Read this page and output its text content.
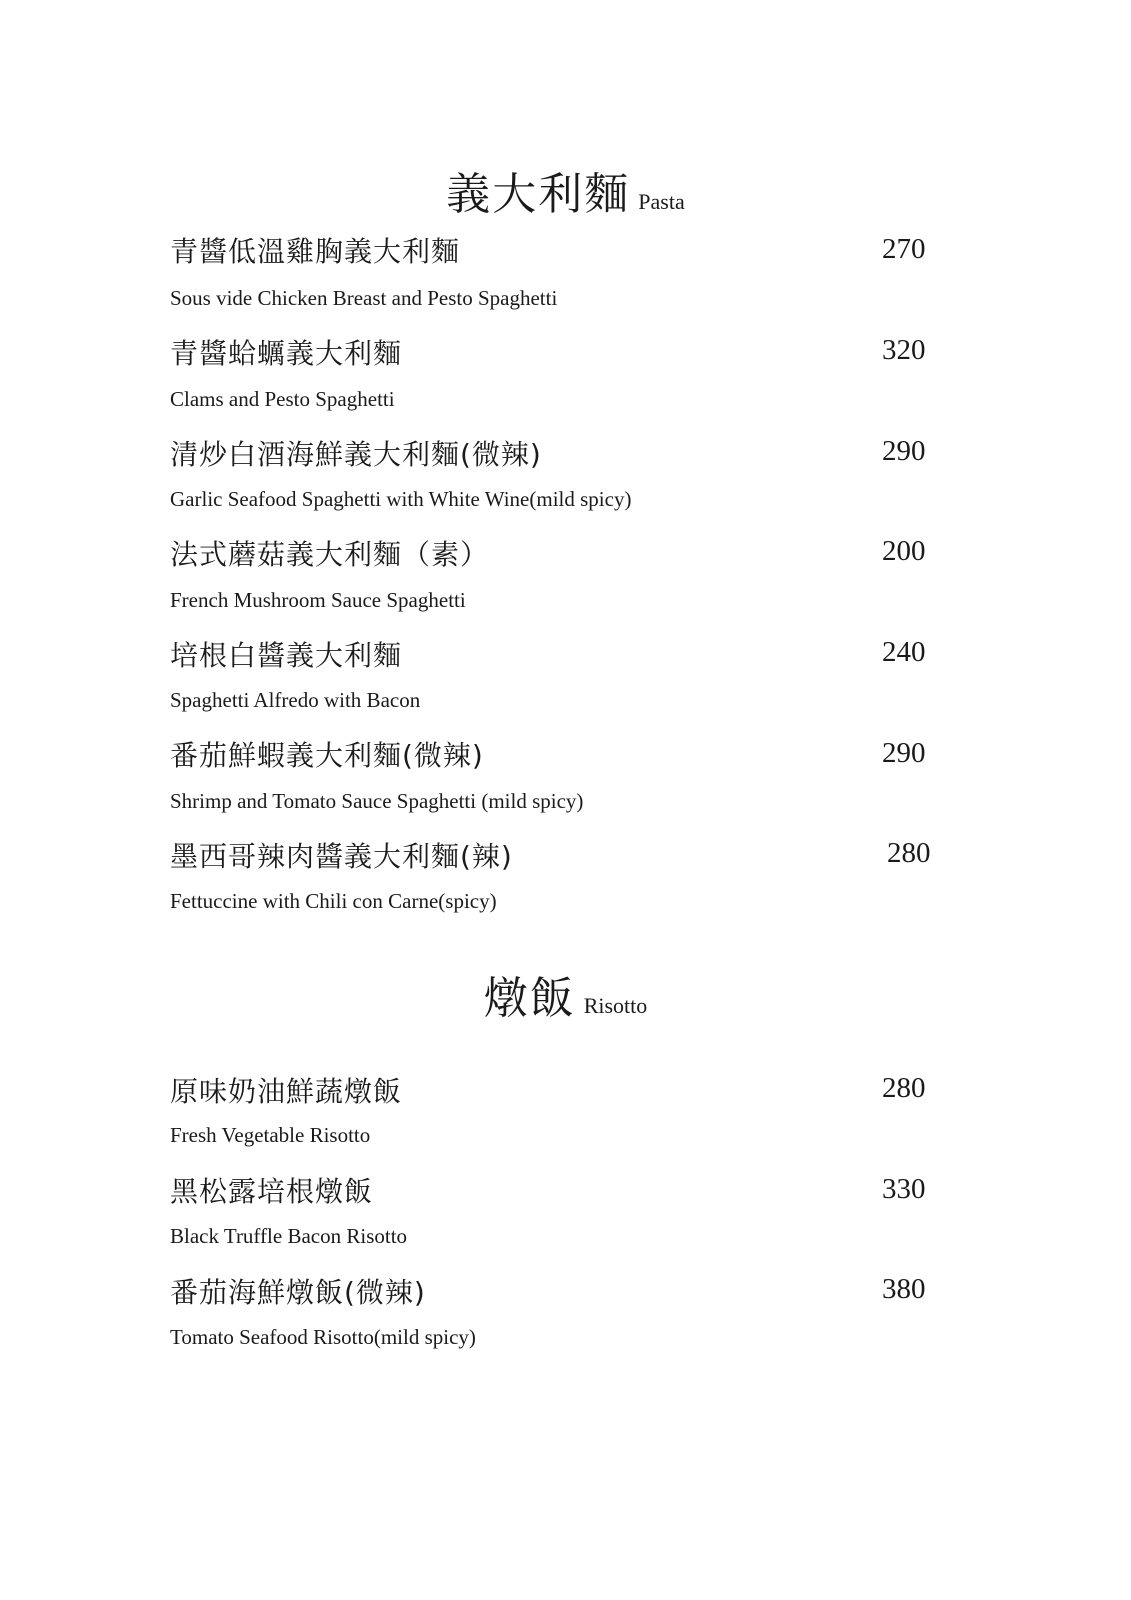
義大利麵 Pasta
青醬低溫雞胸義大利麵	270
Sous vide Chicken Breast and Pesto Spaghetti
青醬蛤蠣義大利麵	320
Clams and Pesto Spaghetti
清炒白酒海鮮義大利麵(微辣)	290
Garlic Seafood Spaghetti with White Wine(mild spicy)
法式蘑菇義大利麵（素）	200
French Mushroom Sauce Spaghetti
培根白醬義大利麵	240
Spaghetti Alfredo with Bacon
番茄鮮蝦義大利麵(微辣)	290
Shrimp and Tomato Sauce Spaghetti (mild spicy)
墨西哥辣肉醬義大利麵(辣)	280
Fettuccine with Chili con Carne(spicy)
燉飯 Risotto
原味奶油鮮蔬燉飯	280
Fresh Vegetable Risotto
黑松露培根燉飯	330
Black Truffle Bacon Risotto
番茄海鮮燉飯(微辣)	380
Tomato Seafood Risotto(mild spicy)
